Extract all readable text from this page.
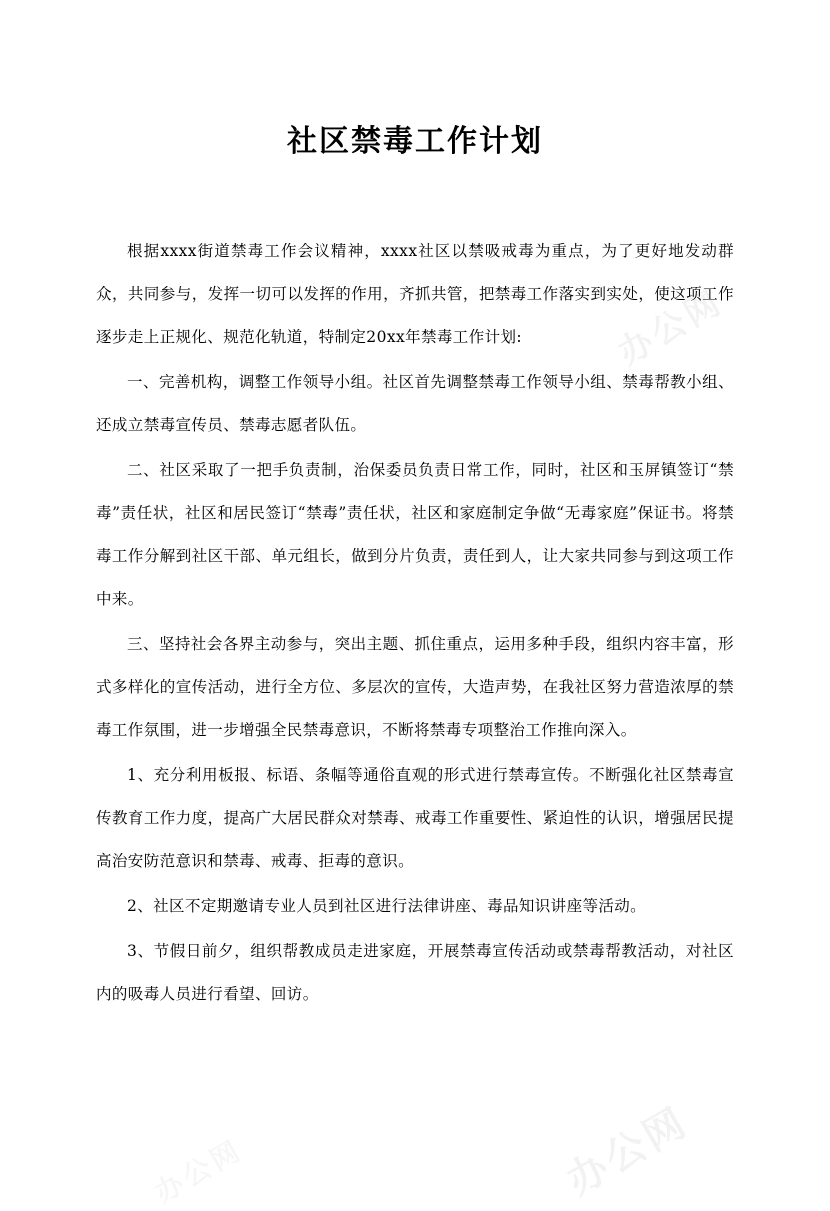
办公网
办公网
办公网
社区禁毒工作计划

根据xxxx街道禁毒工作会议精神，xxxx社区以禁吸戒毒为重点，为了更好地发动群众，共同参与，发挥一切可以发挥的作用，齐抓共管，把禁毒工作落实到实处，使这项工作逐步走上正规化、规范化轨道，特制定20xx年禁毒工作计划:

一、完善机构，调整工作领导小组。社区首先调整禁毒工作领导小组、禁毒帮教小组、还成立禁毒宣传员、禁毒志愿者队伍。

二、社区采取了一把手负责制，治保委员负责日常工作，同时，社区和玉屏镇签订“禁毒”责任状，社区和居民签订“禁毒”责任状，社区和家庭制定争做“无毒家庭”保证书。将禁毒工作分解到社区干部、单元组长，做到分片负责，责任到人，让大家共同参与到这项工作中来。

三、坚持社会各界主动参与，突出主题、抓住重点，运用多种手段，组织内容丰富，形式多样化的宣传活动，进行全方位、多层次的宣传，大造声势，在我社区努力营造浓厚的禁毒工作氛围，进一步增强全民禁毒意识，不断将禁毒专项整治工作推向深入。

1、充分利用板报、标语、条幅等通俗直观的形式进行禁毒宣传。不断强化社区禁毒宣传教育工作力度，提高广大居民群众对禁毒、戒毒工作重要性、紧迫性的认识，增强居民提高治安防范意识和禁毒、戒毒、拒毒的意识。

2、社区不定期邀请专业人员到社区进行法律讲座、毒品知识讲座等活动。

3、节假日前夕，组织帮教成员走进家庭，开展禁毒宣传活动或禁毒帮教活动，对社区内的吸毒人员进行看望、回访。
